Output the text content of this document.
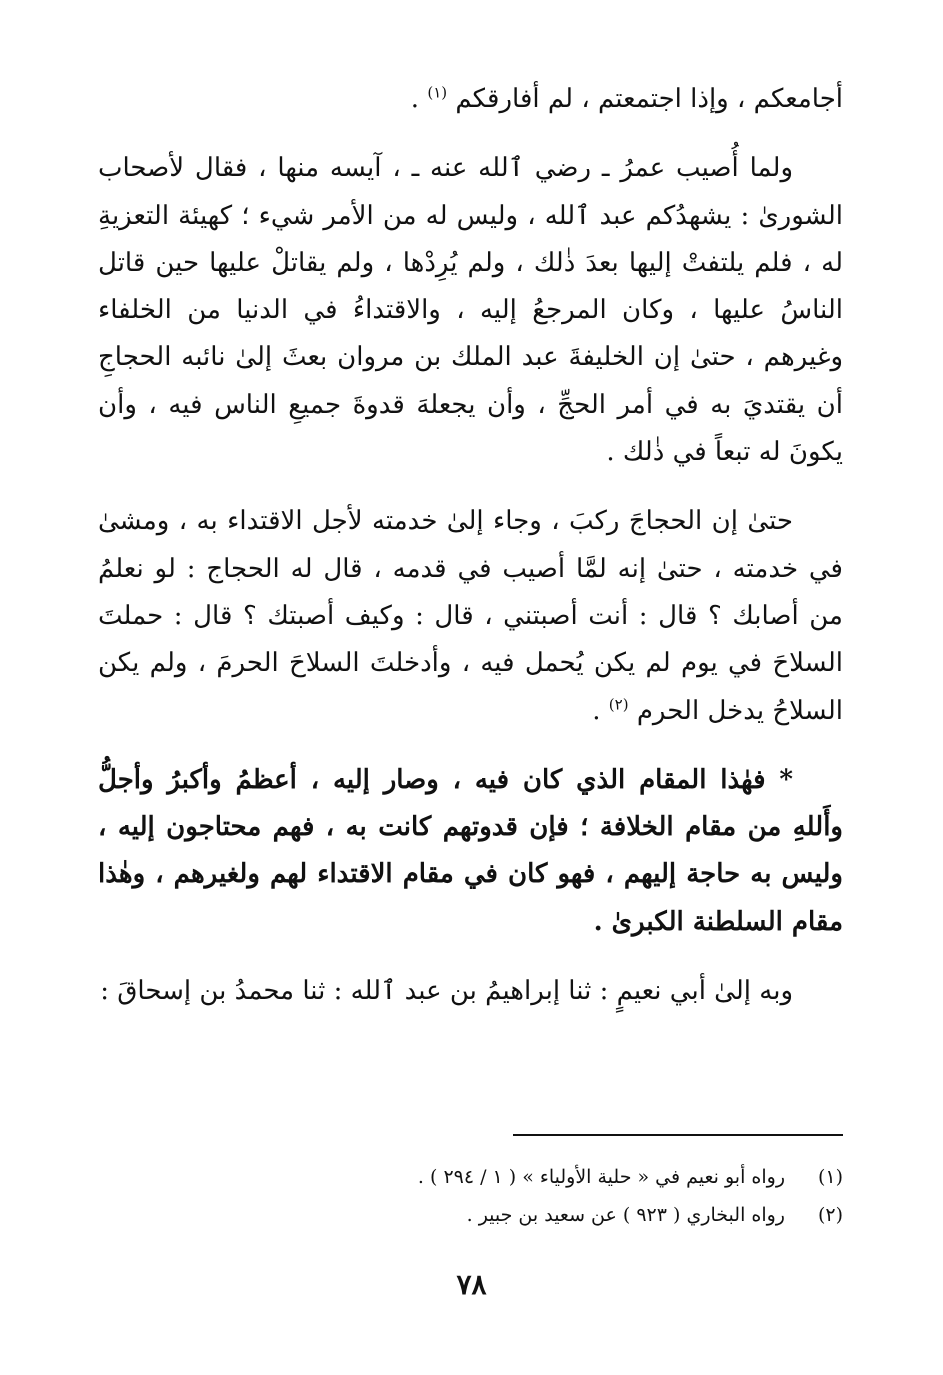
أجامعكم ، وإذا اجتمعتم ، لم أفارقكم $^{(١)}$ .

ولما أُصيب عمرُ ـ رضي ٱلله عنه ـ ، آيسه منها ، فقال لأصحاب الشورىٰ : يشهدُكم عبد ٱلله ، وليس له من الأمر شيء ؛ كهيئة التعزيةِ له ، فلم يلتفتْ إليها بعدَ ذٰلك ، ولم يُرِدْها ، ولم يقاتلْ عليها حين قاتل الناسُ عليها ، وكان المرجعُ إليه ، والاقتداءُ في الدنيا من الخلفاء وغيرهم ، حتىٰ إن الخليفةَ عبد الملك بن مروان بعثَ إلىٰ نائبه الحجاجِ أن يقتديَ به في أمر الحجِّ ، وأن يجعلهَ قدوةَ جميعِ الناس فيه ، وأن يكونَ له تبعاً في ذٰلك .

حتىٰ إن الحجاجَ ركبَ ، وجاء إلىٰ خدمته لأجل الاقتداء به ، ومشىٰ في خدمته ، حتىٰ إنه لمَّا أصيب في قدمه ، قال له الحجاج : لو نعلمُ من أصابك ؟ قال : أنت أصبتني ، قال : وكيف أصبتك ؟ قال : حملتَ السلاحَ في يوم لم يكن يُحمل فيه ، وأدخلتَ السلاحَ الحرمَ ، ولم يكن السلاحُ يدخل الحرم $^{(٢)}$ .

* فهٰذا المقام الذي كان فيه ، وصار إليه ، أعظمُ وأكبرُ وأجلُّ وأَللهِ من مقام الخلافة ؛ فإن قدوتهم كانت به ، فهم محتاجون إليه ، وليس به حاجة إليهم ، فهو كان في مقام الاقتداء لهم ولغيرهم ، وهٰذا مقام السلطنة الكبرىٰ .

وبه إلىٰ أبي نعيمٍ : ثنا إبراهيمُ بن عبد ٱلله : ثنا محمدُ بن إسحاقَ :

(١)
رواه أبو نعيم في « حلية الأولياء » ( ١ / ٢٩٤ ) .
(٢)
رواه البخاري ( ٩٢٣ ) عن سعيد بن جبير .
٧٨
